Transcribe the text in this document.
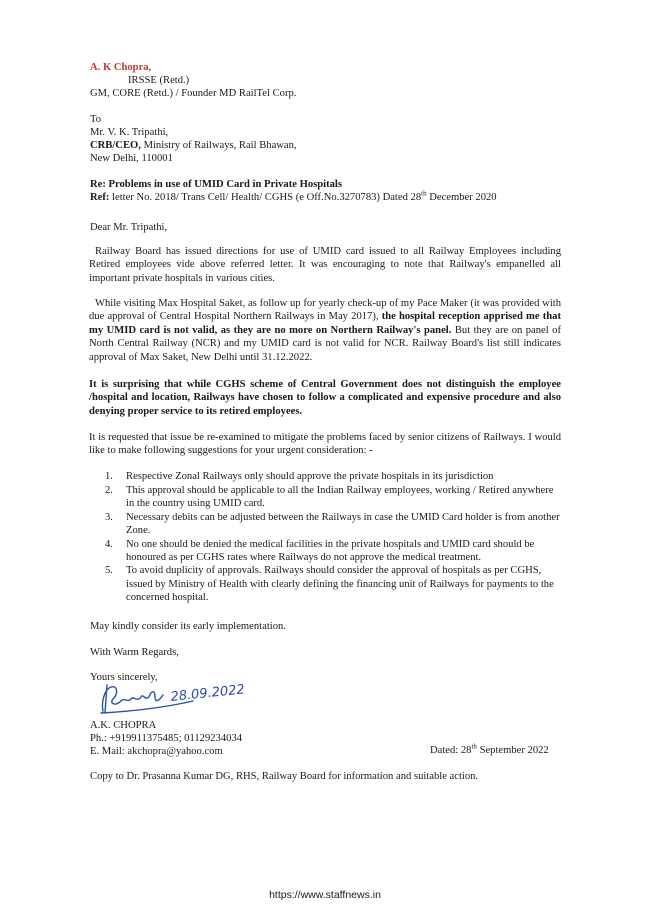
A. K Chopra,
IRSSE (Retd.)
GM, CORE (Retd.) / Founder MD RailTel Corp.
To
Mr. V. K. Tripathi,
CRB/CEO, Ministry of Railways, Rail Bhawan,
New Delhi, 110001
Re: Problems in use of UMID Card in Private Hospitals
Ref: letter No. 2018/ Trans Cell/ Health/ CGHS (e Off.No.3270783) Dated 28th December 2020
Dear Mr. Tripathi,
Railway Board has issued directions for use of UMID card issued to all Railway Employees including Retired employees vide above referred letter. It was encouraging to note that Railway's empanelled all important private hospitals in various cities.
While visiting Max Hospital Saket, as follow up for yearly check-up of my Pace Maker (it was provided with due approval of Central Hospital Northern Railways in May 2017), the hospital reception apprised me that my UMID card is not valid, as they are no more on Northern Railway's panel. But they are on panel of North Central Railway (NCR) and my UMID card is not valid for NCR. Railway Board's list still indicates approval of Max Saket, New Delhi until 31.12.2022.
It is surprising that while CGHS scheme of Central Government does not distinguish the employee /hospital and location, Railways have chosen to follow a complicated and expensive procedure and also denying proper service to its retired employees.
It is requested that issue be re-examined to mitigate the problems faced by senior citizens of Railways. I would like to make following suggestions for your urgent consideration: -
1. Respective Zonal Railways only should approve the private hospitals in its jurisdiction
2. This approval should be applicable to all the Indian Railway employees, working / Retired anywhere in the country using UMID card.
3. Necessary debits can be adjusted between the Railways in case the UMID Card holder is from another Zone.
4. No one should be denied the medical facilities in the private hospitals and UMID card should be honoured as per CGHS rates where Railways do not approve the medical treatment.
5. To avoid duplicity of approvals. Railways should consider the approval of hospitals as per CGHS, issued by Ministry of Health with clearly defining the financing unit of Railways for payments to the concerned hospital.
May kindly consider its early implementation.
With Warm Regards,
Yours sincerely,
28.09.2022
A.K. CHOPRA
Ph.: +919911375485; 01129234034
E. Mail: akchopra@yahoo.com	Dated: 28th September 2022
Copy to Dr. Prasanna Kumar DG, RHS, Railway Board for information and suitable action.
https://www.staffnews.in
